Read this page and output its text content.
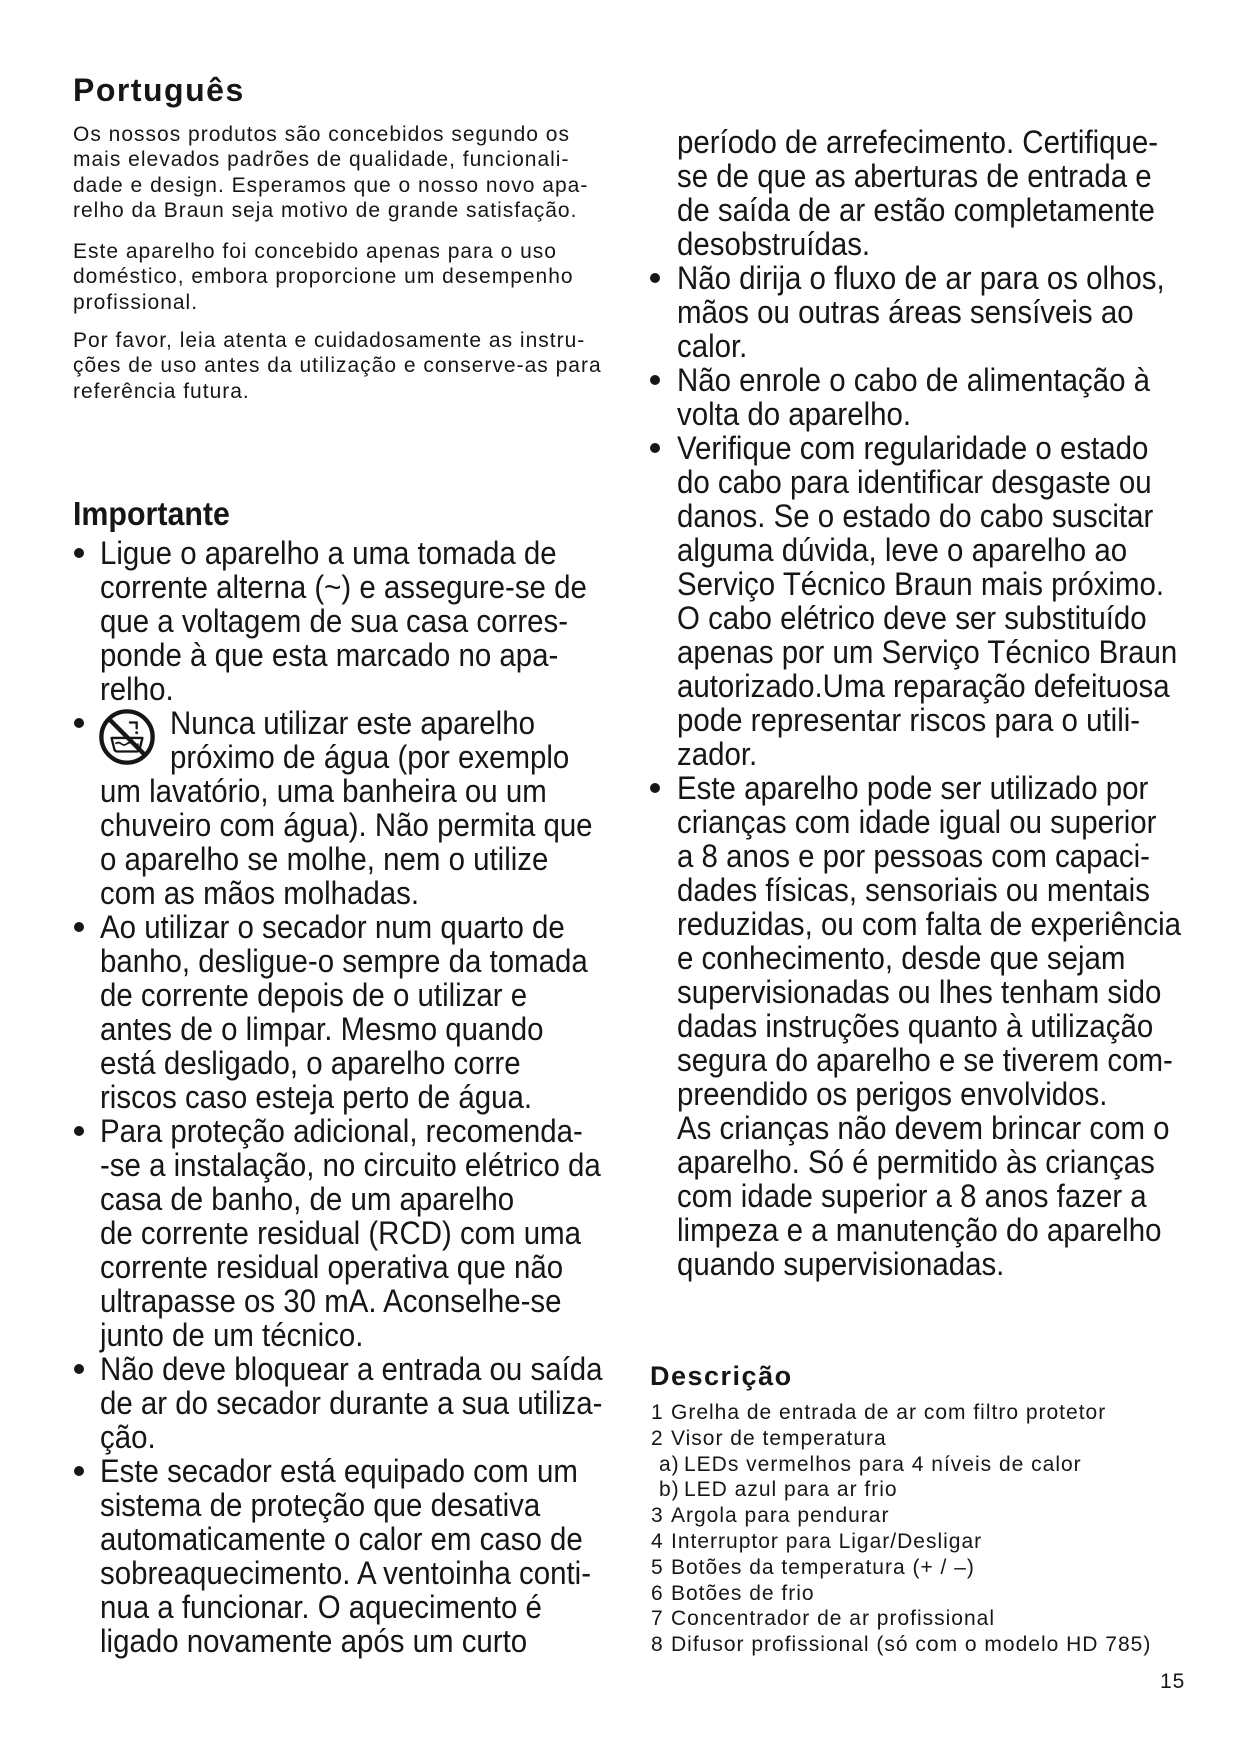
Português
Os nossos produtos são concebidos segundo os
mais elevados padrões de qualidade, funcionali-
dade e design. Esperamos que o nosso novo apa-
relho da Braun seja motivo de grande satisfação.
Este aparelho foi concebido apenas para o uso
doméstico, embora proporcione um desempenho
profissional.
Por favor, leia atenta e cuidadosamente as instru-
ções de uso antes da utilização e conserve-as para
referência futura.
Importante
Ligue o aparelho a uma tomada de
corrente alterna (~) e assegure-se de
que a voltagem de sua casa corres-
ponde à que esta marcado no apa-
relho.
Nunca utilizar este aparelho
próximo de água (por exemplo
um lavatório, uma banheira ou um
chuveiro com água). Não permita que
o aparelho se molhe, nem o utilize
com as mãos molhadas.
Ao utilizar o secador num quarto de
banho, desligue-o sempre da tomada
de corrente depois de o utilizar e
antes de o limpar. Mesmo quando
está desligado, o aparelho corre
riscos caso esteja perto de água.
Para proteção adicional, recomenda-
-se a instalação, no circuito elétrico da
casa de banho, de um aparelho
de corrente residual (RCD) com uma
corrente residual operativa que não
ultrapasse os 30 mA. Aconselhe-se
junto de um técnico.
Não deve bloquear a entrada ou saída
de ar do secador durante a sua utiliza-
ção.
Este secador está equipado com um
sistema de proteção que desativa
automaticamente o calor em caso de
sobreaquecimento. A ventoinha conti-
nua a funcionar. O aquecimento é
ligado novamente após um curto
período de arrefecimento. Certifique-
se de que as aberturas de entrada e
de saída de ar estão completamente
desobstruídas.
Não dirija o fluxo de ar para os olhos,
mãos ou outras áreas sensíveis ao
calor.
Não enrole o cabo de alimentação à
volta do aparelho.
Verifique com regularidade o estado
do cabo para identificar desgaste ou
danos. Se o estado do cabo suscitar
alguma dúvida, leve o aparelho ao
Serviço Técnico Braun mais próximo.
O cabo elétrico deve ser substituído
apenas por um Serviço Técnico Braun
autorizado.Uma reparação defeituosa
pode representar riscos para o utili-
zador.
Este aparelho pode ser utilizado por
crianças com idade igual ou superior
a 8 anos e por pessoas com capaci-
dades físicas, sensoriais ou mentais
reduzidas, ou com falta de experiência
e conhecimento, desde que sejam
supervisionadas ou lhes tenham sido
dadas instruções quanto à utilização
segura do aparelho e se tiverem com-
preendido os perigos envolvidos.
As crianças não devem brincar com o
aparelho. Só é permitido às crianças
com idade superior a 8 anos fazer a
limpeza e a manutenção do aparelho
quando supervisionadas.
Descrição
1 Grelha de entrada de ar com filtro protetor
2 Visor de temperatura
a) LEDs vermelhos para 4 níveis de calor
b) LED azul para ar frio
3 Argola para pendurar
4 Interruptor para Ligar/Desligar
5 Botões da temperatura (+ / –)
6 Botões de frio
7 Concentrador de ar profissional
8 Difusor profissional (só com o modelo HD 785)
15
